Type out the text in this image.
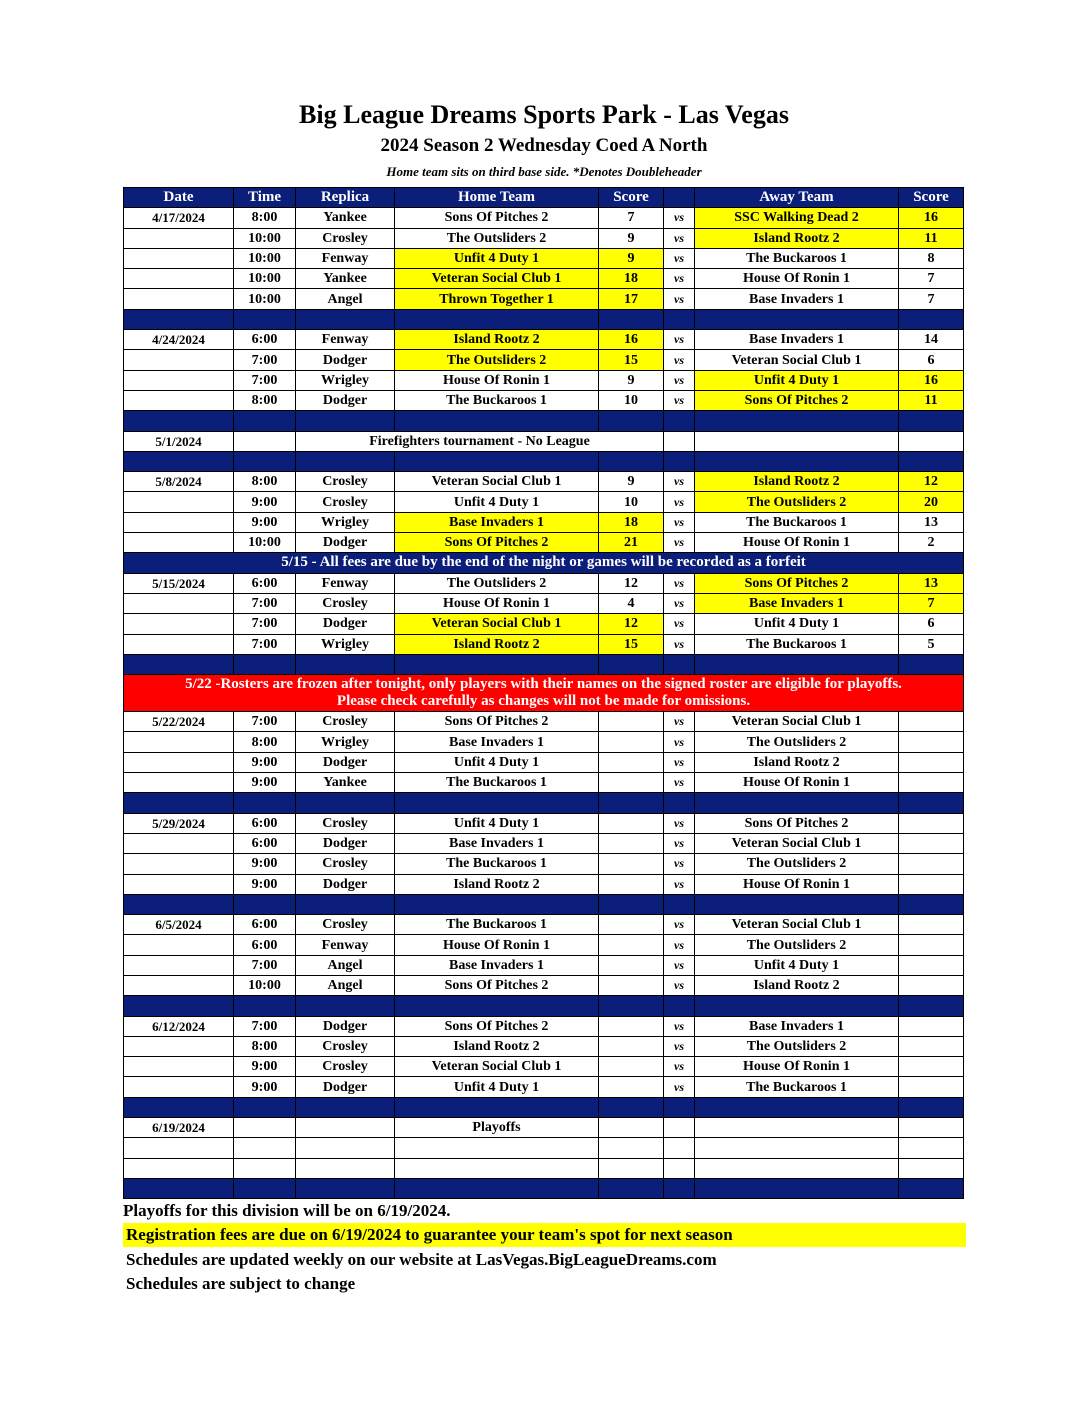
Big League Dreams Sports Park - Las Vegas
2024 Season 2 Wednesday Coed A North
Home team sits on third base side. *Denotes Doubleheader
Date	Time	Replica	Home Team	Score		Away Team	Score
4/17/2024	8:00	Yankee	Sons Of Pitches 2	7	vs	SSC Walking Dead 2	16
	10:00	Crosley	The Outsliders 2	9	vs	Island Rootz 2	11
	10:00	Fenway	Unfit 4 Duty 1	9	vs	The Buckaroos 1	8
	10:00	Yankee	Veteran Social Club 1	18	vs	House Of Ronin 1	7
	10:00	Angel	Thrown Together 1	17	vs	Base Invaders 1	7

4/24/2024	6:00	Fenway	Island Rootz 2	16	vs	Base Invaders 1	14
	7:00	Dodger	The Outsliders 2	15	vs	Veteran Social Club 1	6
	7:00	Wrigley	House Of Ronin 1	9	vs	Unfit 4 Duty 1	16
	8:00	Dodger	The Buckaroos 1	10	vs	Sons Of Pitches 2	11

5/1/2024		Firefighters tournament - No League					

5/8/2024	8:00	Crosley	Veteran Social Club 1	9	vs	Island Rootz 2	12
	9:00	Crosley	Unfit 4 Duty 1	10	vs	The Outsliders 2	20
	9:00	Wrigley	Base Invaders 1	18	vs	The Buckaroos 1	13
	10:00	Dodger	Sons Of Pitches 2	21	vs	House Of Ronin 1	2
5/15 - All fees are due by the end of the night or games will be recorded as a forfeit							
5/15/2024	6:00	Fenway	The Outsliders 2	12	vs	Sons Of Pitches 2	13
	7:00	Crosley	House Of Ronin 1	4	vs	Base Invaders 1	7
	7:00	Dodger	Veteran Social Club 1	12	vs	Unfit 4 Duty 1	6
	7:00	Wrigley	Island Rootz 2	15	vs	The Buckaroos 1	5

5/22 -Rosters are frozen after tonight, only players with their names on the signed roster are eligible for playoffs.
Please check carefully as changes will not be made for omissions.							

5/22/2024	7:00	Crosley	Sons Of Pitches 2		vs	Veteran Social Club 1	
	8:00	Wrigley	Base Invaders 1		vs	The Outsliders 2	
	9:00	Dodger	Unfit 4 Duty 1		vs	Island Rootz 2	
	9:00	Yankee	The Buckaroos 1		vs	House Of Ronin 1	

5/29/2024	6:00	Crosley	Unfit 4 Duty 1		vs	Sons Of Pitches 2	
	6:00	Dodger	Base Invaders 1		vs	Veteran Social Club 1	
	9:00	Crosley	The Buckaroos 1		vs	The Outsliders 2	
	9:00	Dodger	Island Rootz 2		vs	House Of Ronin 1	

6/5/2024	6:00	Crosley	The Buckaroos 1		vs	Veteran Social Club 1	
	6:00	Fenway	House Of Ronin 1		vs	The Outsliders 2	
	7:00	Angel	Base Invaders 1		vs	Unfit 4 Duty 1	
	10:00	Angel	Sons Of Pitches 2		vs	Island Rootz 2	

6/12/2024	7:00	Dodger	Sons Of Pitches 2		vs	Base Invaders 1	
	8:00	Crosley	Island Rootz 2		vs	The Outsliders 2	
	9:00	Crosley	Veteran Social Club 1		vs	House Of Ronin 1	
	9:00	Dodger	Unfit 4 Duty 1		vs	The Buckaroos 1	

6/19/2024			Playoffs				

Playoffs for this division will be on 6/19/2024.
Registration fees are due on 6/19/2024 to guarantee your team's spot for next season
Schedules are updated weekly on our website at LasVegas.BigLeagueDreams.com
Schedules are subject to change
